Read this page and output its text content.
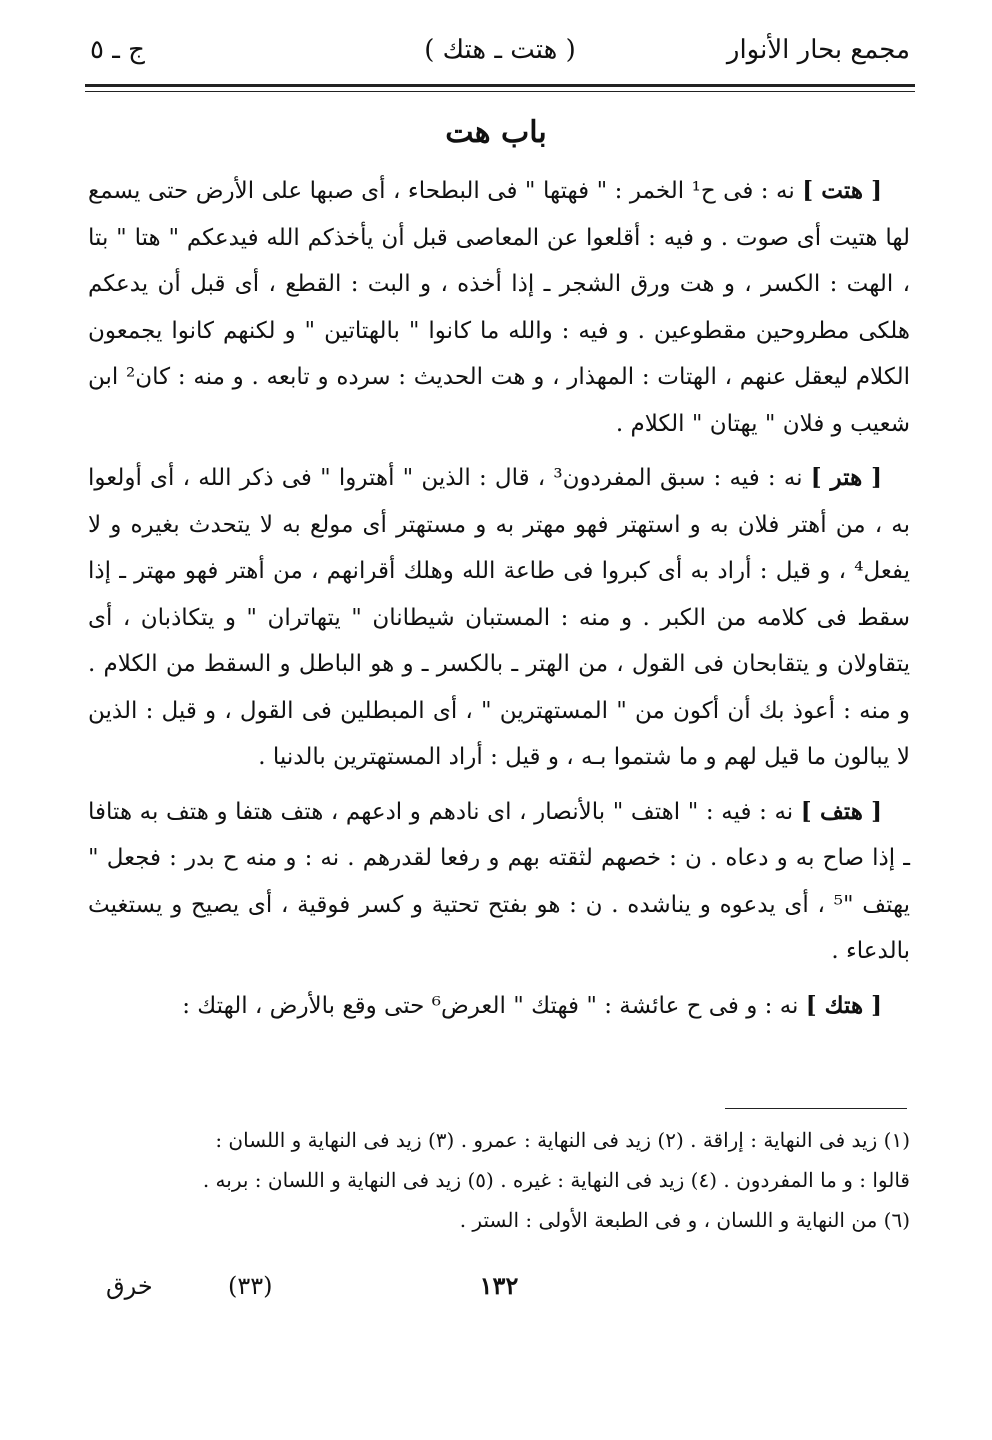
مجمع بحار الأنوار
( هتت ـ هتك )
ج ـ ٥
باب هت

[ هتت ] نه : فى ح¹ الخمر : " فهتها " فى البطحاء ، أى صبها على الأرض حتى يسمع لها هتيت أى صوت . و فيه : أقلعوا عن المعاصى قبل أن يأخذكم الله فيدعكم " هتا " بتا ، الهت : الكسر ، و هت ورق الشجر ـ إذا أخذه ، و البت : القطع ، أى قبل أن يدعكم هلكى مطروحين مقطوعين . و فيه : والله ما كانوا " بالهتاتين " و لكنهم كانوا يجمعون الكلام ليعقل عنهم ، الهتات : المهذار ، و هت الحديث : سرده و تابعه . و منه : كان² ابن شعيب و فلان " يهتان " الكلام .

[ هتر ] نه : فيه : سبق المفردون³ ، قال : الذين " أهتروا " فى ذكر الله ، أى أولعوا به ، من أهتر فلان به و استهتر فهو مهتر به و مستهتر أى مولع به لا يتحدث بغيره و لا يفعل⁴ ، و قيل : أراد به أى كبروا فى طاعة الله وهلك أقرانهم ، من أهتر فهو مهتر ـ إذا سقط فى كلامه من الكبر . و منه : المستبان شيطانان " يتهاتران " و يتكاذبان ، أى يتقاولان و يتقابحان فى القول ، من الهتر ـ بالكسر ـ و هو الباطل و السقط من الكلام . و منه : أعوذ بك أن أكون من " المستهترين " ، أى المبطلين فى القول ، و قيل : الذين لا يبالون ما قيل لهم و ما شتموا بـه ، و قيل : أراد المستهترين بالدنيا .

[ هتف ] نه : فيه : " اهتف " بالأنصار ، اى نادهم و ادعهم ، هتف هتفا و هتف به هتافا ـ إذا صاح به و دعاه . ن : خصهم لثقته بهم و رفعا لقدرهم . نه : و منه ح بدر : فجعل " يهتف "⁵ ، أى يدعوه و يناشده . ن : هو بفتح تحتية و كسر فوقية ، أى يصيح و يستغيث بالدعاء .

[ هتك ] نه : و فى ح عائشة : " فهتك " العرض⁶ حتى وقع بالأرض ، الهتك :

(١) زيد فى النهاية : إراقة . (٢) زيد فى النهاية : عمرو . (٣) زيد فى النهاية و اللسان :

قالوا : و ما المفردون . (٤) زيد فى النهاية : غيره . (٥) زيد فى النهاية و اللسان : بربه .

(٦) من النهاية و اللسان ، و فى الطبعة الأولى : الستر .

١٣٢
(٣٣)
خرق
